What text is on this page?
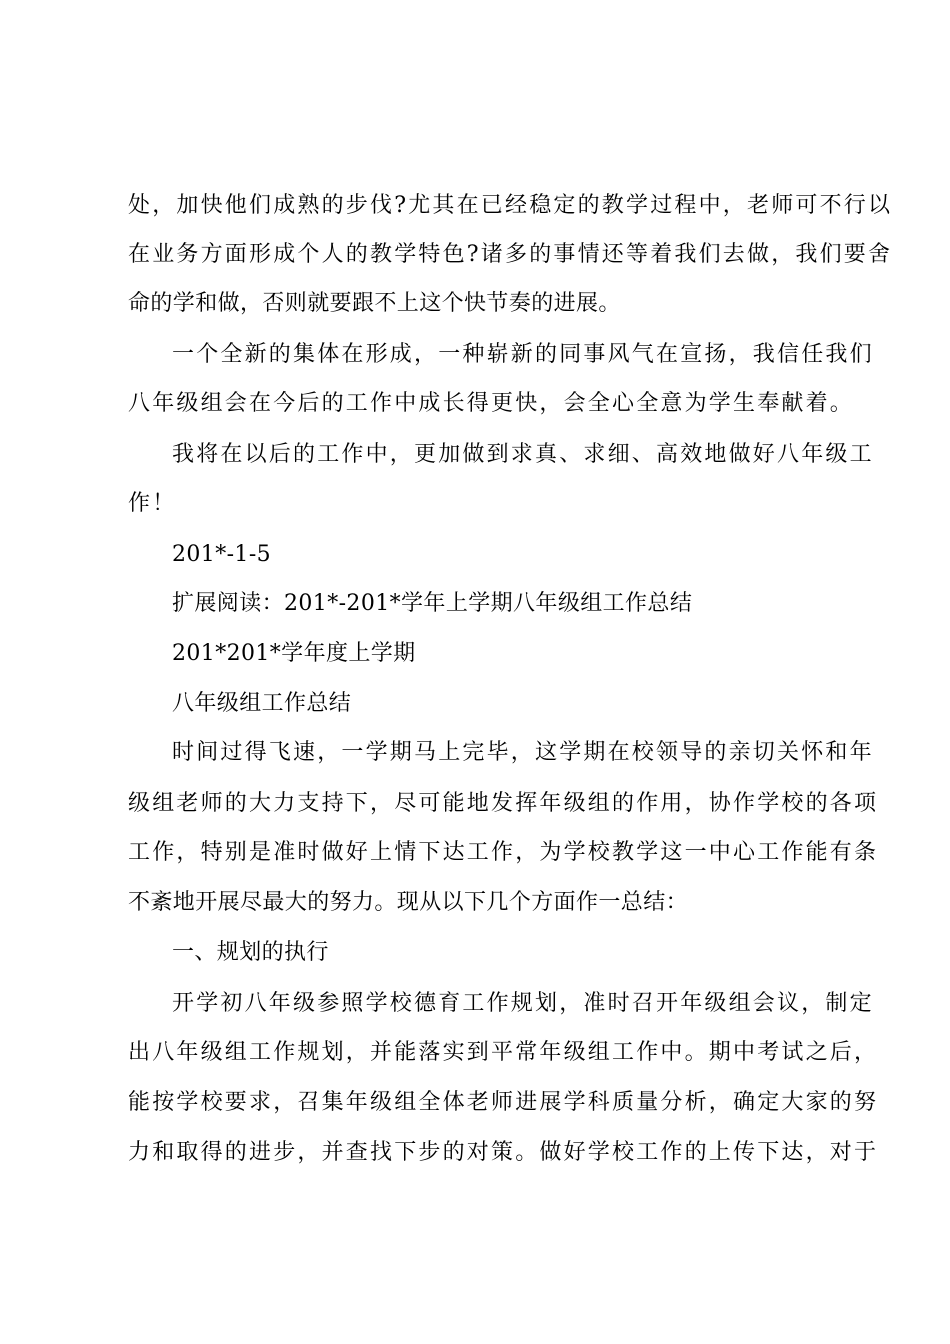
处，加快他们成熟的步伐?尤其在已经稳定的教学过程中，老师可不行以
在业务方面形成个人的教学特色?诸多的事情还等着我们去做，我们要舍
命的学和做，否则就要跟不上这个快节奏的进展。
一个全新的集体在形成，一种崭新的同事风气在宣扬，我信任我们
八年级组会在今后的工作中成长得更快，会全心全意为学生奉献着。
我将在以后的工作中，更加做到求真、求细、高效地做好八年级工
作！
201*-1-5
扩展阅读：201*-201*学年上学期八年级组工作总结
201*201*学年度上学期
八年级组工作总结
时间过得飞速，一学期马上完毕，这学期在校领导的亲切关怀和年
级组老师的大力支持下，尽可能地发挥年级组的作用，协作学校的各项
工作，特别是准时做好上情下达工作，为学校教学这一中心工作能有条
不紊地开展尽最大的努力。现从以下几个方面作一总结：
一、规划的执行
开学初八年级参照学校德育工作规划，准时召开年级组会议，制定
出八年级组工作规划，并能落实到平常年级组工作中。期中考试之后，
能按学校要求，召集年级组全体老师进展学科质量分析，确定大家的努
力和取得的进步，并查找下步的对策。做好学校工作的上传下达，对于
